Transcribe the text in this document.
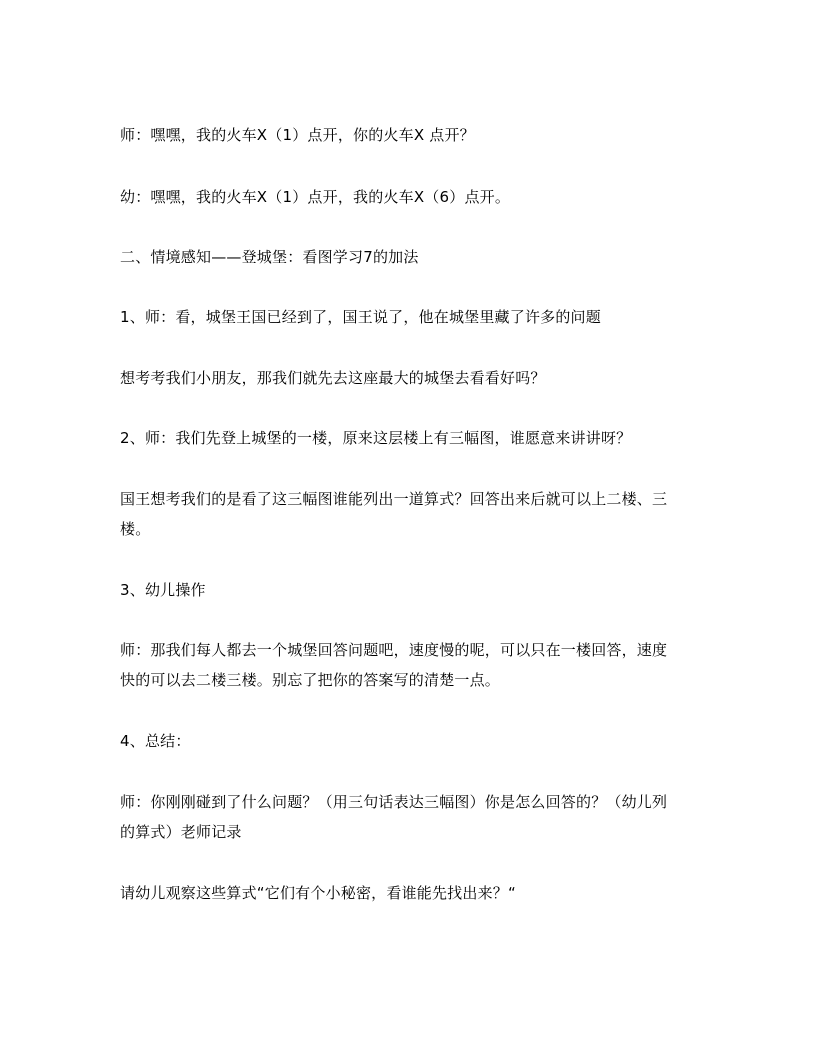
师：嘿嘿，我的火车X（1）点开，你的火车X 点开？
幼：嘿嘿，我的火车X（1）点开，我的火车X（6）点开。
二、情境感知——登城堡：看图学习7的加法
1、师：看，城堡王国已经到了，国王说了，他在城堡里藏了许多的问题
想考考我们小朋友，那我们就先去这座最大的城堡去看看好吗？
2、师：我们先登上城堡的一楼，原来这层楼上有三幅图，谁愿意来讲讲呀？
国王想考我们的是看了这三幅图谁能列出一道算式？回答出来后就可以上二楼、三
楼。
3、幼儿操作
师：那我们每人都去一个城堡回答问题吧，速度慢的呢，可以只在一楼回答，速度
快的可以去二楼三楼。别忘了把你的答案写的清楚一点。
4、总结：
师：你刚刚碰到了什么问题？（用三句话表达三幅图）你是怎么回答的？（幼儿列
的算式）老师记录
请幼儿观察这些算式“它们有个小秘密，看谁能先找出来？“
